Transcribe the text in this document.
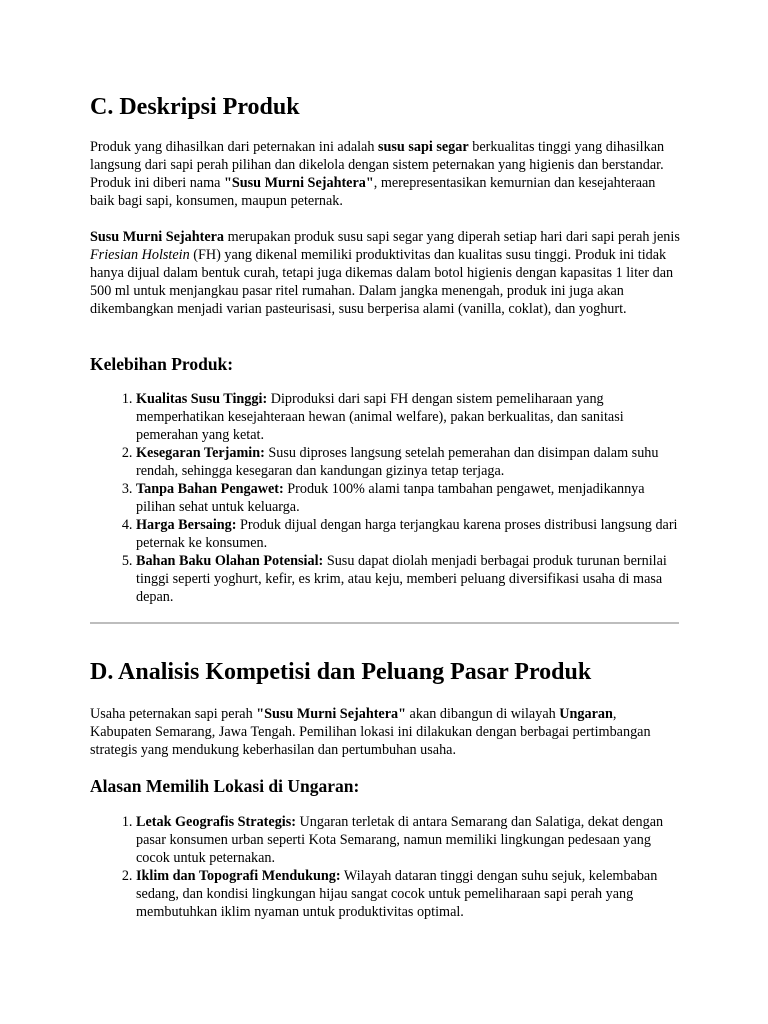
C. Deskripsi Produk

Produk yang dihasilkan dari peternakan ini adalah susu sapi segar berkualitas tinggi yang dihasilkan langsung dari sapi perah pilihan dan dikelola dengan sistem peternakan yang higienis dan berstandar. Produk ini diberi nama "Susu Murni Sejahtera", merepresentasikan kemurnian dan kesejahteraan baik bagi sapi, konsumen, maupun peternak.

Susu Murni Sejahtera merupakan produk susu sapi segar yang diperah setiap hari dari sapi perah jenis Friesian Holstein (FH) yang dikenal memiliki produktivitas dan kualitas susu tinggi. Produk ini tidak hanya dijual dalam bentuk curah, tetapi juga dikemas dalam botol higienis dengan kapasitas 1 liter dan 500 ml untuk menjangkau pasar ritel rumahan. Dalam jangka menengah, produk ini juga akan dikembangkan menjadi varian pasteurisasi, susu berperisa alami (vanilla, coklat), dan yoghurt.

Kelebihan Produk:
1. Kualitas Susu Tinggi: Diproduksi dari sapi FH dengan sistem pemeliharaan yang memperhatikan kesejahteraan hewan (animal welfare), pakan berkualitas, dan sanitasi pemerahan yang ketat.
2. Kesegaran Terjamin: Susu diproses langsung setelah pemerahan dan disimpan dalam suhu rendah, sehingga kesegaran dan kandungan gizinya tetap terjaga.
3. Tanpa Bahan Pengawet: Produk 100% alami tanpa tambahan pengawet, menjadikannya pilihan sehat untuk keluarga.
4. Harga Bersaing: Produk dijual dengan harga terjangkau karena proses distribusi langsung dari peternak ke konsumen.
5. Bahan Baku Olahan Potensial: Susu dapat diolah menjadi berbagai produk turunan bernilai tinggi seperti yoghurt, kefir, es krim, atau keju, memberi peluang diversifikasi usaha di masa depan.
D. Analisis Kompetisi dan Peluang Pasar Produk

Usaha peternakan sapi perah "Susu Murni Sejahtera" akan dibangun di wilayah Ungaran, Kabupaten Semarang, Jawa Tengah. Pemilihan lokasi ini dilakukan dengan berbagai pertimbangan strategis yang mendukung keberhasilan dan pertumbuhan usaha.

Alasan Memilih Lokasi di Ungaran:
1. Letak Geografis Strategis: Ungaran terletak di antara Semarang dan Salatiga, dekat dengan pasar konsumen urban seperti Kota Semarang, namun memiliki lingkungan pedesaan yang cocok untuk peternakan.
2. Iklim dan Topografi Mendukung: Wilayah dataran tinggi dengan suhu sejuk, kelembaban sedang, dan kondisi lingkungan hijau sangat cocok untuk pemeliharaan sapi perah yang membutuhkan iklim nyaman untuk produktivitas optimal.
